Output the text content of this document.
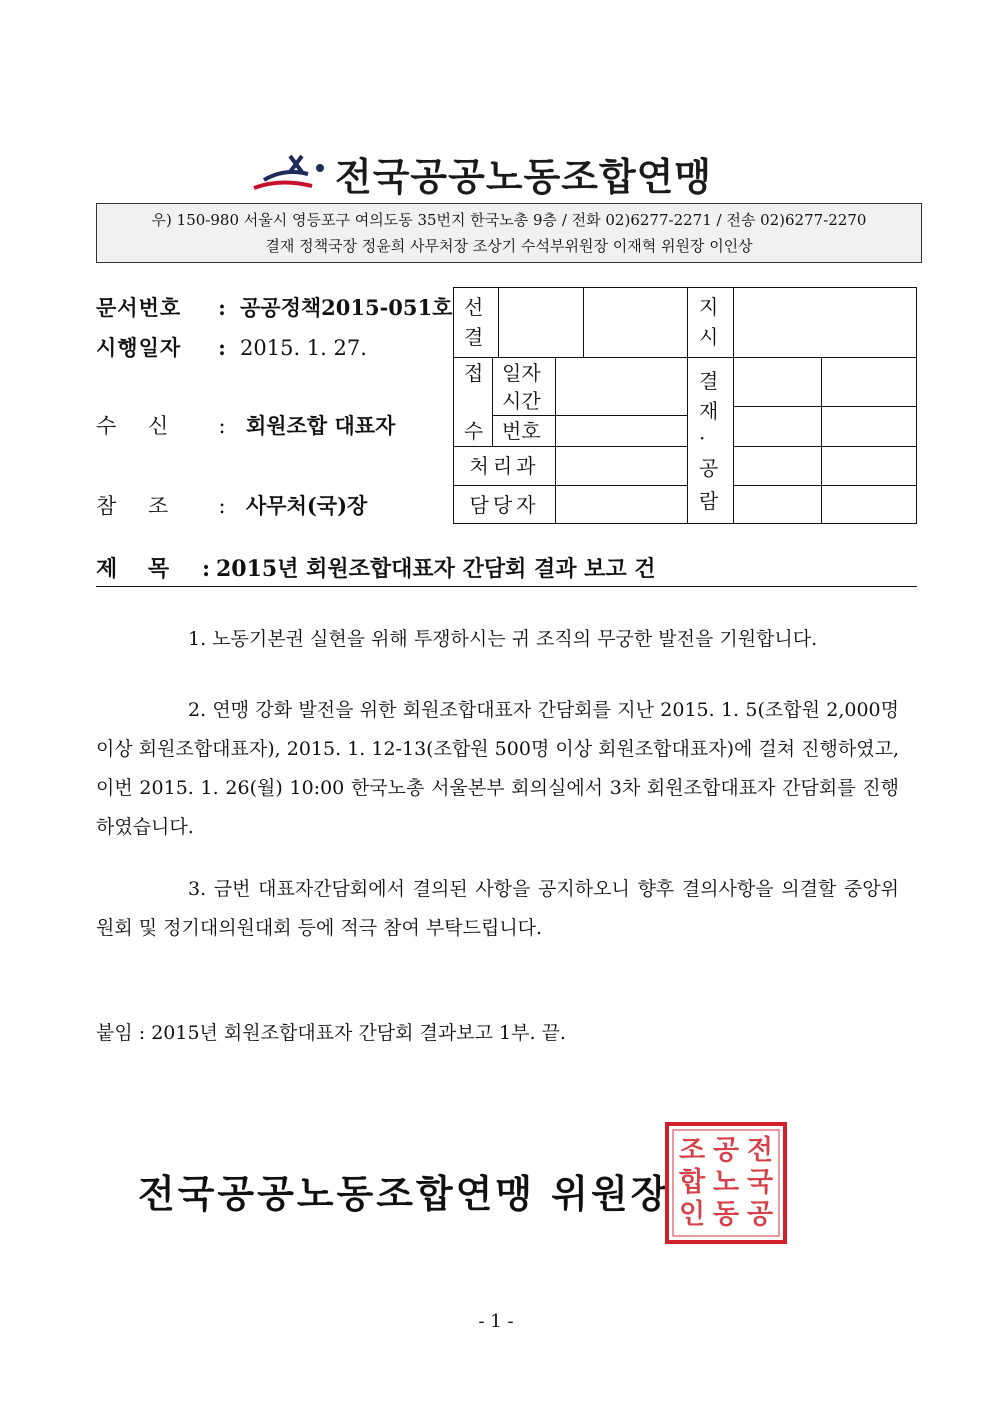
전국공공노동조합연맹
우) 150-980 서울시 영등포구 여의도동 35번지 한국노총 9층 / 전화 02)6277-2271 / 전송 02)6277-2270
결재 정책국장 정윤희 사무처장 조상기 수석부위원장 이재혁 위원장 이인상
문서번호 : 공공정책2015-051호
시행일자 : 2015. 1. 27.
수    신 : 회원조합 대표자
참    조 : 사무처(국)장
선
결
지
시
접
수
일자
시간
번호
처리과
담당자
결
재
·
공
람
제    목 : 2015년 회원조합대표자 간담회 결과 보고 건
1. 노동기본권 실현을 위해 투쟁하시는 귀 조직의 무궁한 발전을 기원합니다.
2. 연맹 강화 발전을 위한 회원조합대표자 간담회를 지난 2015. 1. 5(조합원 2,000명 이상 회원조합대표자), 2015. 1. 12-13(조합원 500명 이상 회원조합대표자)에 걸쳐 진행하였고, 이번 2015. 1. 26(월) 10:00 한국노총 서울본부 회의실에서 3차 회원조합대표자 간담회를 진행하였습니다.
3. 금번 대표자간담회에서 결의된 사항을 공지하오니 향후 결의사항을 의결할 중앙위원회 및 정기대의원대회 등에 적극 참여 부탁드립니다.
붙임 : 2015년 회원조합대표자 간담회 결과보고 1부. 끝.
전국공공노동조합연맹 위원장
전
국
공
공
노
동
조
합
인
- 1 -
